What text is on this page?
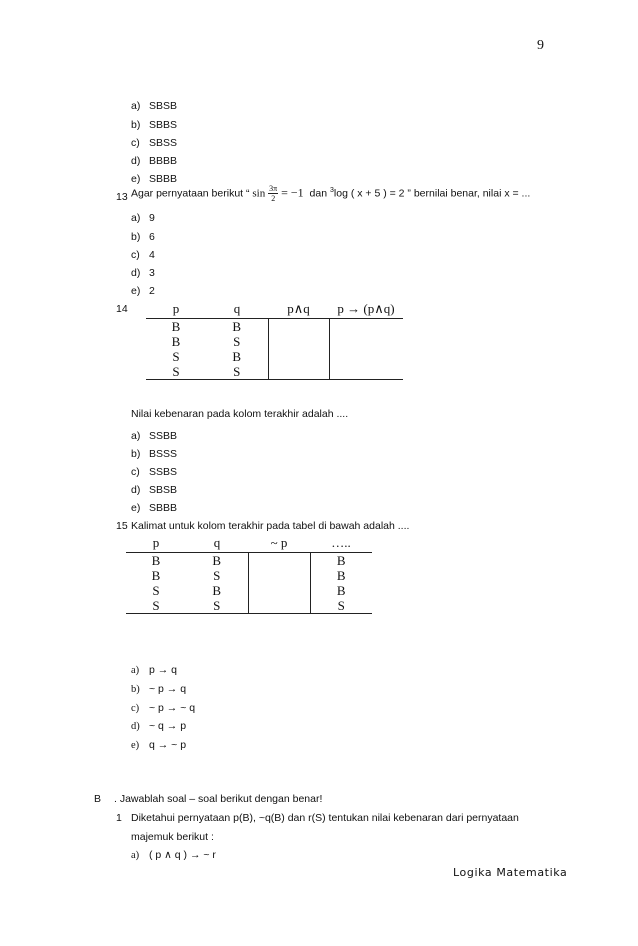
9
a) SBSB
b) SBBS
c) SBSS
d) BBBB
e) SBBB
13 Agar pernyataan berikut “ $\sin \frac{3\pi}{2} = -1$ dan $^3$log ( x + 5 ) = 2 ” bernilai benar, nilai x = ...
a) 9
b) 6
c) 4
d) 3
e) 2
14	p	q	p∧q	p → (p∧q)
B	B		
B	S		
S	B		
S	S		
Nilai kebenaran pada kolom terakhir adalah ....
a) SSBB
b) BSSS
c) SSBS
d) SBSB
e) SBBB
15 Kalimat untuk kolom terakhir pada tabel di bawah adalah ....
p	q	~ p	…..
B	B		B
B	S		B
S	B		B
S	S		S
a) p → q
b) ~ p → q
c) ~ p → ~ q
d) ~ q → p
e) q → ~ p
B . Jawablah soal – soal berikut dengan benar!
1 Diketahui pernyataan p(B), ~q(B) dan r(S) tentukan nilai kebenaran dari pernyataan
majemuk berikut :
a) ( p ∧ q ) → ~ r
Logika Matematika
